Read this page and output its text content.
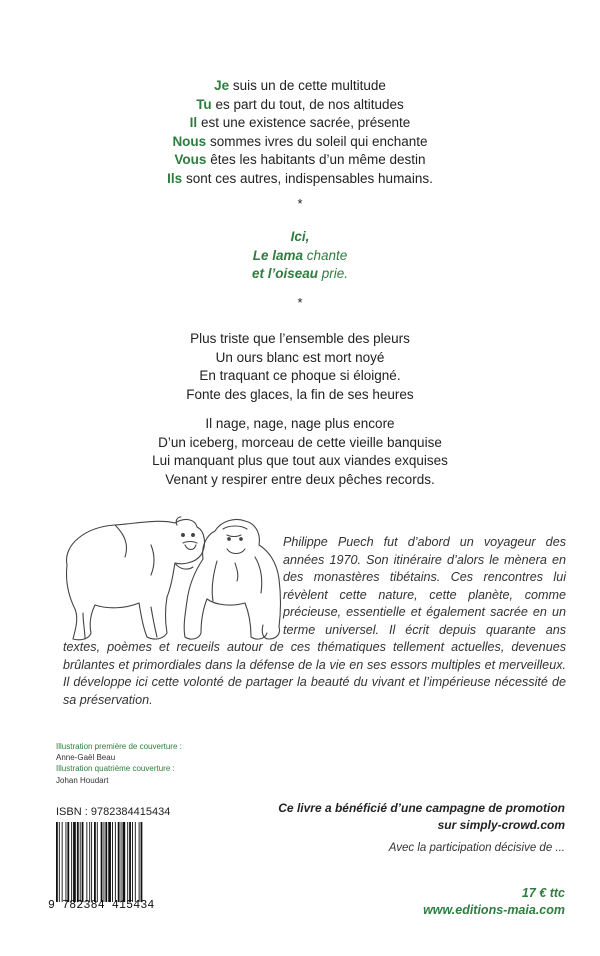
Je suis un de cette multitude
Tu es part du tout, de nos altitudes
Il est une existence sacrée, présente
Nous sommes ivres du soleil qui enchante
Vous êtes les habitants d’un même destin
Ils sont ces autres, indispensables humains.
*
Ici,
Le lama chante
et l’oiseau prie.
*
Plus triste que l’ensemble des pleurs
Un ours blanc est mort noyé
En traquant ce phoque si éloigné.
Fonte des glaces, la fin de ses heures
Il nage, nage, nage plus encore
D’un iceberg, morceau de cette vieille banquise
Lui manquant plus que tout aux viandes exquises
Venant y respirer entre deux pêches records.
Philippe Puech fut d’abord un voyageur des années 1970. Son itinéraire d’alors le mènera en des monastères tibétains. Ces rencontres lui révèlent cette nature, cette planète, comme précieuse, essentielle et également sacrée en un terme universel. Il écrit depuis quarante ans textes, poèmes et recueils autour de ces thématiques tellement actuelles, devenues brûlantes et primordiales dans la défense de la vie en ses essors multiples et merveilleux. Il développe ici cette volonté de partager la beauté du vivant et l’impérieuse nécessité de sa préservation.
Illustration première de couverture :
Anne-Gaël Beau
Illustration quatrième couverture :
Johan Houdart
ISBN : 9782384415434
9 782384 415434
Ce livre a bénéficié d’une campagne de promotion
sur simply-crowd.com
Avec la participation décisive de ...
17 € ttc
www.editions-maia.com
